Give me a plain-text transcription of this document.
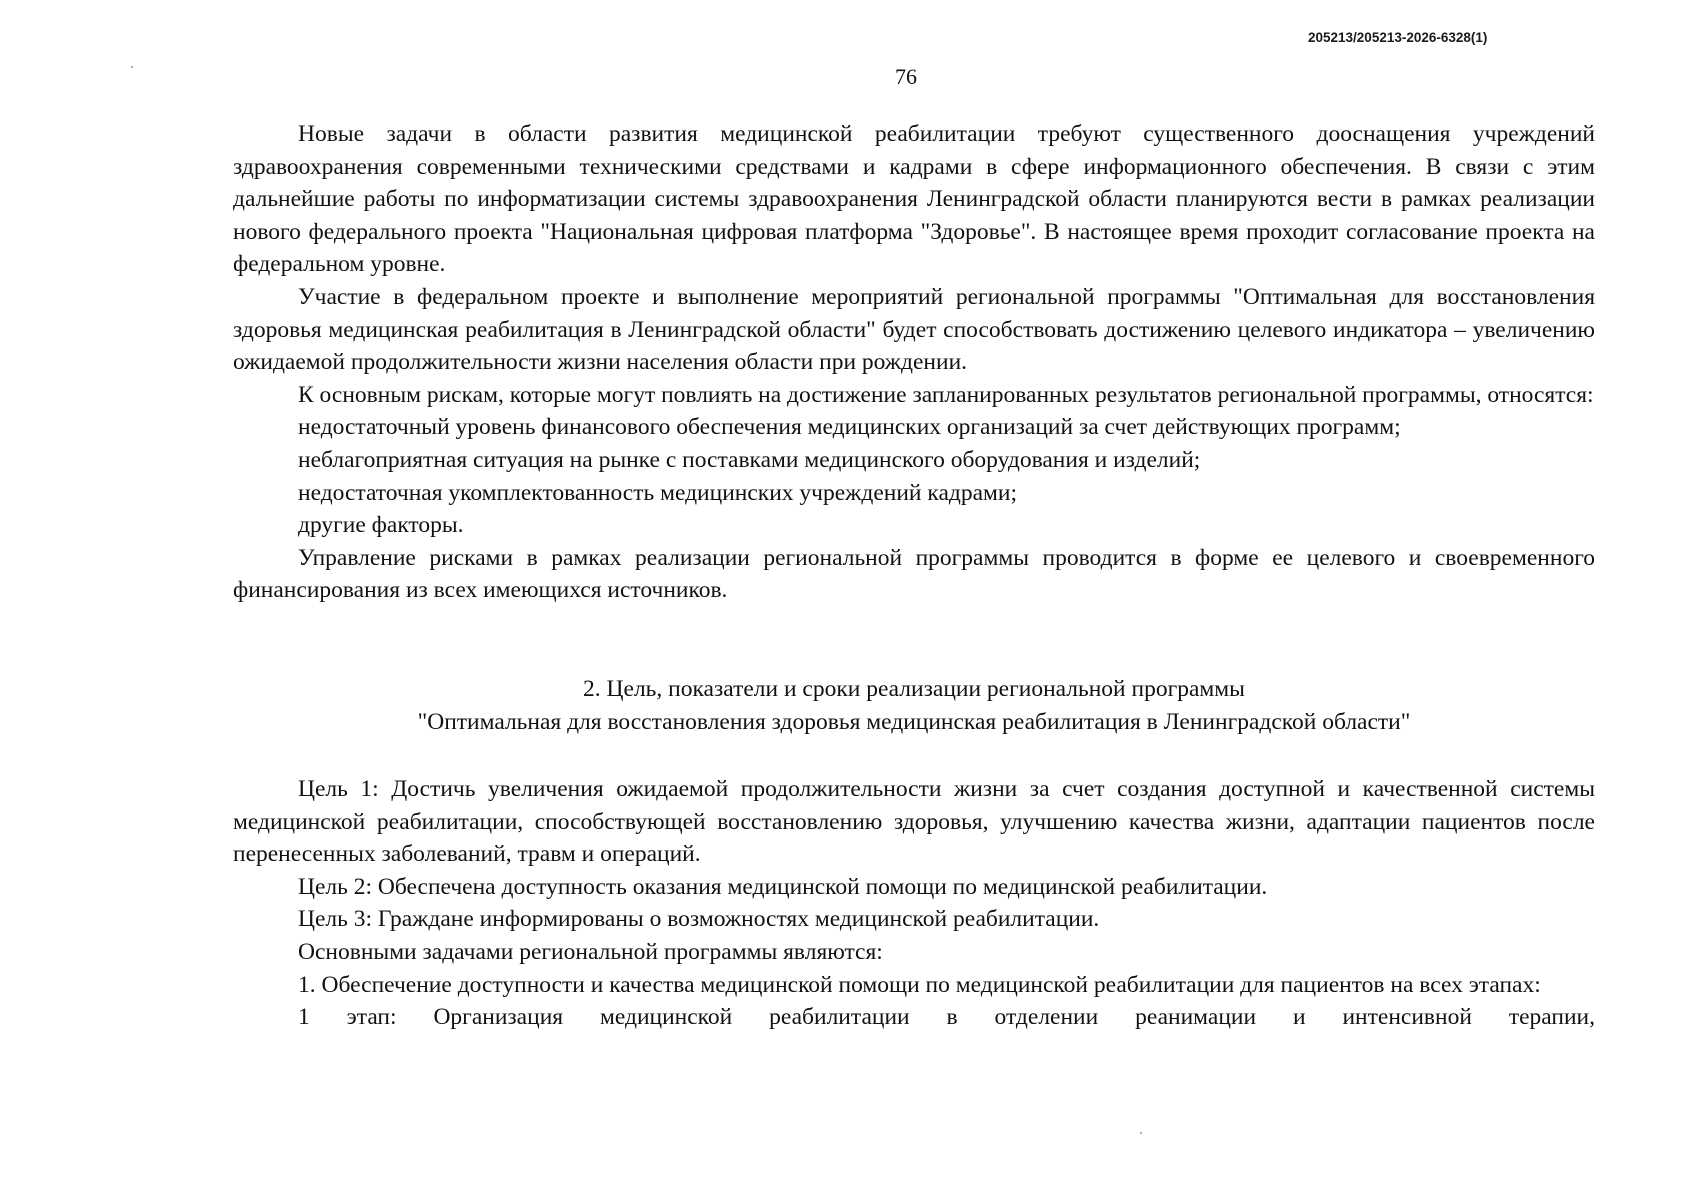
205213/205213-2026-6328(1)
76

Новые задачи в области развития медицинской реабилитации требуют существенного дооснащения учреждений здравоохранения современными техническими средствами и кадрами в сфере информационного обеспечения. В связи с этим дальнейшие работы по информатизации системы здравоохранения Ленинградской области планируются вести в рамках реализации нового федерального проекта "Национальная цифровая платформа "Здоровье". В настоящее время проходит согласование проекта на федеральном уровне.

Участие в федеральном проекте и выполнение мероприятий региональной программы "Оптимальная для восстановления здоровья медицинская реабилитация в Ленинградской области" будет способствовать достижению целевого индикатора – увеличению ожидаемой продолжительности жизни населения области при рождении.

К основным рискам, которые могут повлиять на достижение запланированных результатов региональной программы, относятся:

недостаточный уровень финансового обеспечения медицинских организаций за счет действующих программ;

неблагоприятная ситуация на рынке с поставками медицинского оборудования и изделий;

недостаточная укомплектованность медицинских учреждений кадрами;

другие факторы.

Управление рисками в рамках реализации региональной программы проводится в форме ее целевого и своевременного финансирования из всех имеющихся источников.

2. Цель, показатели и сроки реализации региональной программы
"Оптимальная для восстановления здоровья медицинская реабилитация в Ленинградской области"

Цель 1: Достичь увеличения ожидаемой продолжительности жизни за счет создания доступной и качественной системы медицинской реабилитации, способствующей восстановлению здоровья, улучшению качества жизни, адаптации пациентов после перенесенных заболеваний, травм и операций.

Цель 2: Обеспечена доступность оказания медицинской помощи по медицинской реабилитации.

Цель 3: Граждане информированы о возможностях медицинской реабилитации.

Основными задачами региональной программы являются:

1. Обеспечение доступности и качества медицинской помощи по медицинской реабилитации для пациентов на всех этапах:

1 этап: Организация медицинской реабилитации в отделении реанимации и интенсивной терапии,
